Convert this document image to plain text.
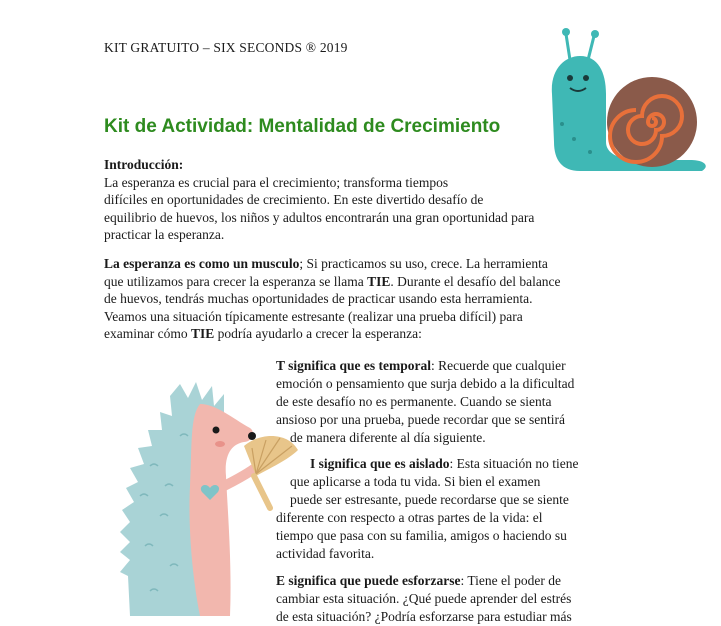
KIT GRATUITO – SIX SECONDS ® 2019
Kit de Actividad: Mentalidad de Crecimiento
Introducción:
La esperanza es crucial para el crecimiento; transforma tiempos
difíciles en oportunidades de crecimiento. En este divertido desafío de
equilibrio de huevos, los niños y adultos encontrarán una gran oportunidad para
practicar la esperanza.
La esperanza es como un musculo; Si practicamos su uso, crece. La herramienta
que utilizamos para crecer la esperanza se llama TIE. Durante el desafío del balance
de huevos, tendrás muchas oportunidades de practicar usando esta herramienta.
Veamos una situación típicamente estresante (realizar una prueba difícil) para
examinar cómo TIE podría ayudarlo a crecer la esperanza:
T significa que es temporal: Recuerde que cualquier
emoción o pensamiento que surja debido a la dificultad
de este desafío no es permanente. Cuando se sienta
ansioso por una prueba, puede recordar que se sentirá
de manera diferente al día siguiente.
I significa que es aislado: Esta situación no tiene
que aplicarse a toda tu vida. Si bien el examen
puede ser estresante, puede recordarse que se siente
diferente con respecto a otras partes de la vida: el
tiempo que pasa con su familia, amigos o haciendo su
actividad favorita.
E significa que puede esforzarse: Tiene el poder de
cambiar esta situación. ¿Qué puede aprender del estrés
de esta situación? ¿Podría esforzarse para estudiar más
